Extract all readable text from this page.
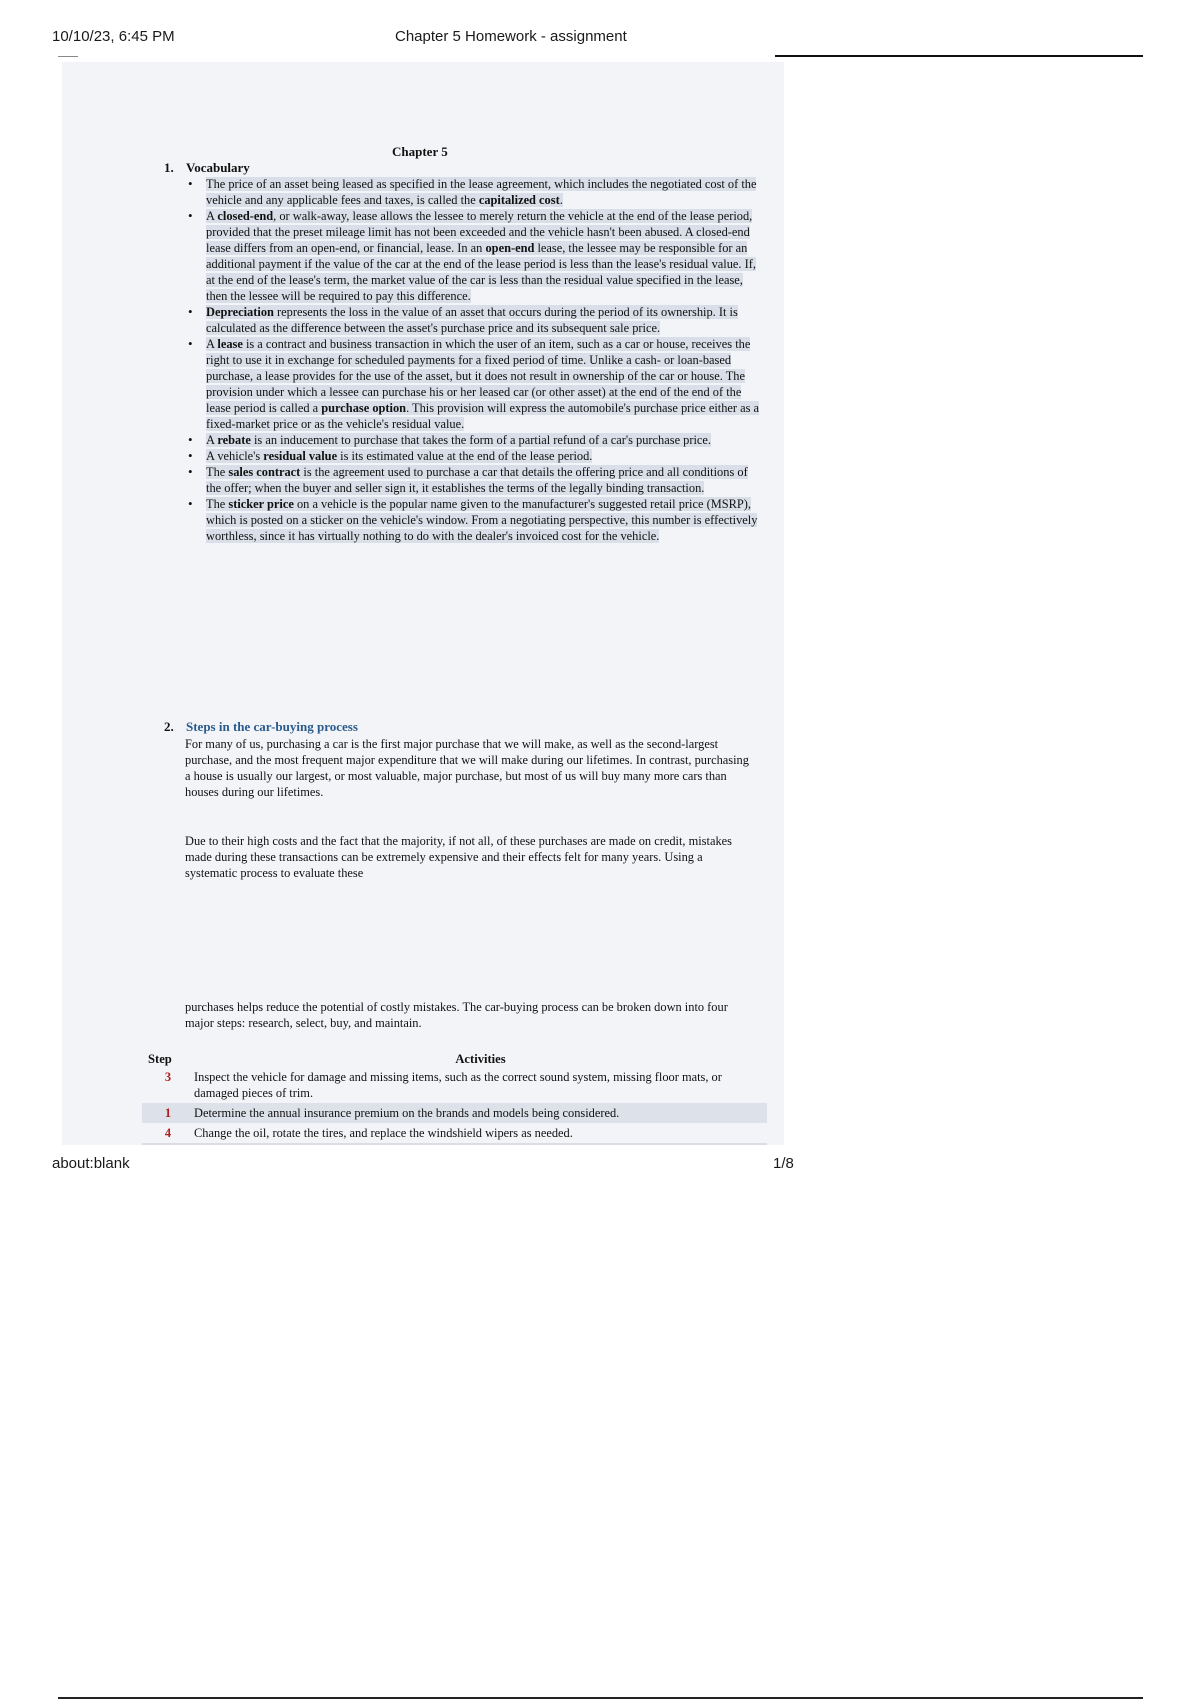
10/10/23, 6:45 PM	Chapter 5 Homework - assignment
Chapter 5
1. Vocabulary
• The price of an asset being leased as specified in the lease agreement, which includes the negotiated cost of the vehicle and any applicable fees and taxes, is called the capitalized cost.
• A closed-end, or walk-away, lease allows the lessee to merely return the vehicle at the end of the lease period, provided that the preset mileage limit has not been exceeded and the vehicle hasn't been abused. A closed-end lease differs from an open-end, or financial, lease. In an open-end lease, the lessee may be responsible for an additional payment if the value of the car at the end of the lease period is less than the lease's residual value. If, at the end of the lease's term, the market value of the car is less than the residual value specified in the lease, then the lessee will be required to pay this difference.
• Depreciation represents the loss in the value of an asset that occurs during the period of its ownership. It is calculated as the difference between the asset's purchase price and its subsequent sale price.
• A lease is a contract and business transaction in which the user of an item, such as a car or house, receives the right to use it in exchange for scheduled payments for a fixed period of time. Unlike a cash- or loan-based purchase, a lease provides for the use of the asset, but it does not result in ownership of the car or house. The provision under which a lessee can purchase his or her leased car (or other asset) at the end of the end of the lease period is called a purchase option. This provision will express the automobile's purchase price either as a fixed-market price or as the vehicle's residual value.
• A rebate is an inducement to purchase that takes the form of a partial refund of a car's purchase price.
• A vehicle's residual value is its estimated value at the end of the lease period.
• The sales contract is the agreement used to purchase a car that details the offering price and all conditions of the offer; when the buyer and seller sign it, it establishes the terms of the legally binding transaction.
• The sticker price on a vehicle is the popular name given to the manufacturer's suggested retail price (MSRP), which is posted on a sticker on the vehicle's window. From a negotiating perspective, this number is effectively worthless, since it has virtually nothing to do with the dealer's invoiced cost for the vehicle.
2. Steps in the car-buying process
For many of us, purchasing a car is the first major purchase that we will make, as well as the second-largest purchase, and the most frequent major expenditure that we will make during our lifetimes. In contrast, purchasing a house is usually our largest, or most valuable, major purchase, but most of us will buy many more cars than houses during our lifetimes.
Due to their high costs and the fact that the majority, if not all, of these purchases are made on credit, mistakes made during these transactions can be extremely expensive and their effects felt for many years. Using a systematic process to evaluate these
purchases helps reduce the potential of costly mistakes. The car-buying process can be broken down into four major steps: research, select, buy, and maintain.
Step	Activities
3	Inspect the vehicle for damage and missing items, such as the correct sound system, missing floor mats, or damaged pieces of trim.
1	Determine the annual insurance premium on the brands and models being considered.
4	Change the oil, rotate the tires, and replace the windshield wipers as needed.
about:blank	1/8
